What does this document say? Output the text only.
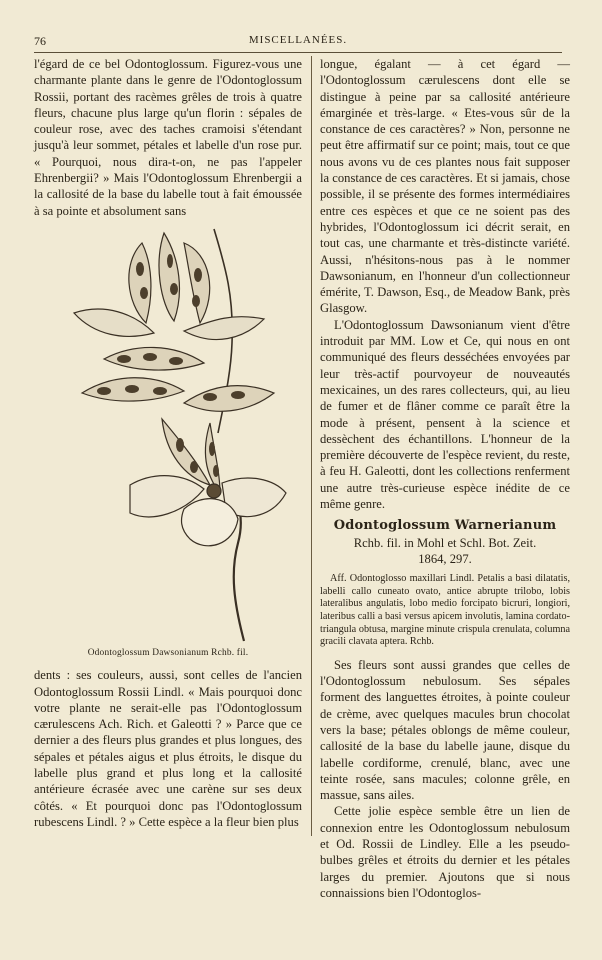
76	MISCELLANÉES.

l'égard de ce bel Odontoglossum. Figurez-vous une charmante plante dans le genre de l'Odontoglossum Rossii, portant des racèmes grêles de trois à quatre fleurs, chacune plus large qu'un florin : sépales de couleur rose, avec des taches cramoisi s'étendant jusqu'à leur sommet, pétales et labelle d'un rose pur. « Pourquoi, nous dira-t-on, ne pas l'appeler Ehrenbergii? » Mais l'Odontoglossum Ehrenbergii a la callosité de la base du labelle tout à fait émoussée à sa pointe et absolument sans

Odontoglossum Dawsonianum Rchb. fil.

dents : ses couleurs, aussi, sont celles de l'ancien Odontoglossum Rossii Lindl. « Mais pourquoi donc votre plante ne serait-elle pas l'Odontoglossum cærulescens Ach. Rich. et Galeotti ? » Parce que ce dernier a des fleurs plus grandes et plus longues, des sépales et pétales aigus et plus étroits, le disque du labelle plus grand et plus long et la callosité antérieure écrasée avec une carène sur ses deux côtés. « Et pourquoi donc pas l'Odontoglossum rubescens Lindl. ? » Cette espèce a la fleur bien plus

longue, égalant — à cet égard — l'Odontoglossum cærulescens dont elle se distingue à peine par sa callosité antérieure émarginée et très-large. « Etes-vous sûr de la constance de ces caractères? » Non, personne ne peut être affirmatif sur ce point; mais, tout ce que nous avons vu de ces plantes nous fait supposer la constance de ces caractères. Et si jamais, chose possible, il se présente des formes intermédiaires entre ces espèces et que ce ne soient pas des hybrides, l'Odontoglossum ici décrit serait, en tout cas, une charmante et très-distincte variété. Aussi, n'hésitons-nous pas à le nommer Dawsonianum, en l'honneur d'un collectionneur émérite, T. Dawson, Esq., de Meadow Bank, près Glasgow.

L'Odontoglossum Dawsonianum vient d'être introduit par MM. Low et Ce, qui nous en ont communiqué des fleurs desséchées envoyées par leur très-actif pourvoyeur de nouveautés mexicaines, un des rares collecteurs, qui, au lieu de fumer et de flâner comme ce paraît être la mode à présent, pensent à la science et dessèchent des échantillons. L'honneur de la première découverte de l'espèce revient, du reste, à feu H. Galeotti, dont les collections renferment une autre très-curieuse espèce inédite de ce même genre.

Odontoglossum Warnerianum
Rchb. fil. in Mohl et Schl. Bot. Zeit.
1864, 297.

Aff. Odontoglosso maxillari Lindl. Petalis a basi dilatatis, labelli callo cuneato ovato, antice abrupte trilobo, lobis lateralibus angulatis, lobo medio forcipato bicruri, longiori, lateribus calli a basi versus apicem involutis, lamina cordato-triangula obtusa, margine minute crispula crenulata, columna gracili clavata aptera. Rchb.

Ses fleurs sont aussi grandes que celles de l'Odontoglossum nebulosum. Ses sépales forment des languettes étroites, à pointe couleur de crème, avec quelques macules brun chocolat vers la base; pétales oblongs de même couleur, callosité de la base du labelle jaune, disque du labelle cordiforme, crenulé, blanc, avec une teinte rosée, sans macules; colonne grêle, en massue, sans ailes.

Cette jolie espèce semble être un lien de connexion entre les Odontoglossum nebulosum et Od. Rossii de Lindley. Elle a les pseudo-bulbes grêles et étroits du dernier et les pétales larges du premier. Ajoutons que si nous connaissions bien l'Odontoglos-
